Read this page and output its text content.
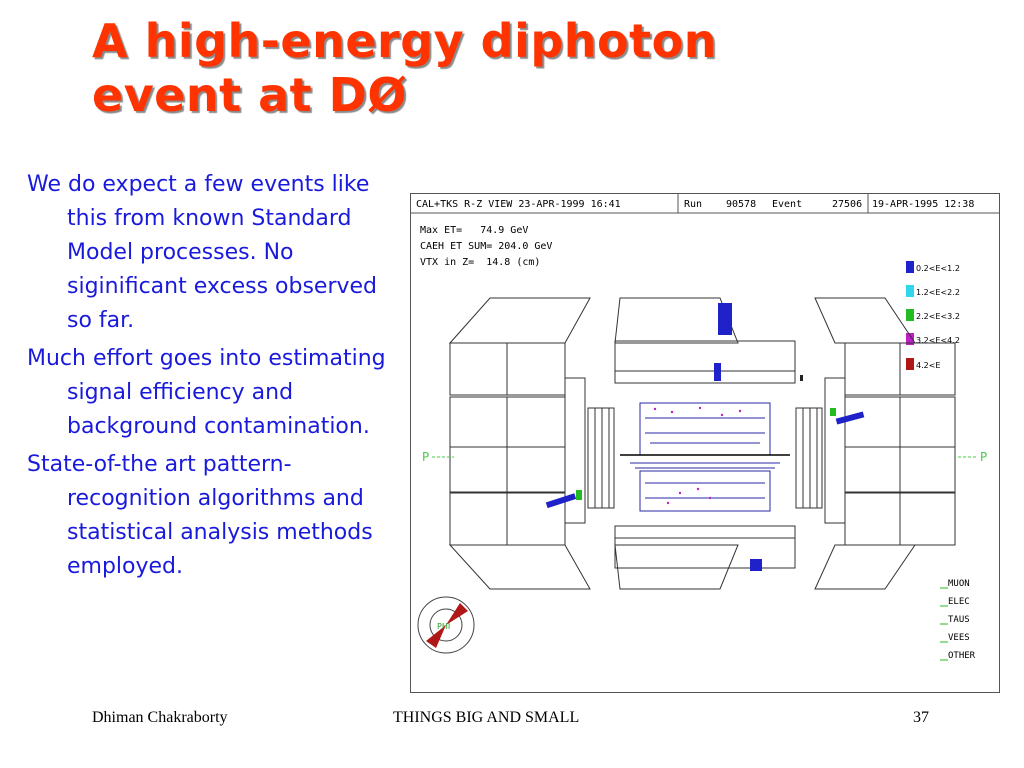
A high-energy diphoton
event at DØ
We do expect a few events like this from known Standard Model processes. No siginificant excess observed so far.
Much effort goes into estimating signal efficiency and background contamination.
State-of-the art pattern-recognition algorithms and statistical analysis methods employed.
CAL+TKS R-Z VIEW 23-APR-1999 16:41	Run 90578 Event	27506 19-APR-1995 12:38
Max ET=   74.9 GeV
CAEH ET SUM= 204.0 GeV
VTX in Z=  14.8 (cm)
0.2<E<1.2
1.2<E<2.2
2.2<E<3.2
3.2<E<4.2
4.2<E
MUON
ELEC
TAUS
VEES
OTHER
P	P
PHI
Dhiman Chakraborty	THINGS BIG AND SMALL	37
